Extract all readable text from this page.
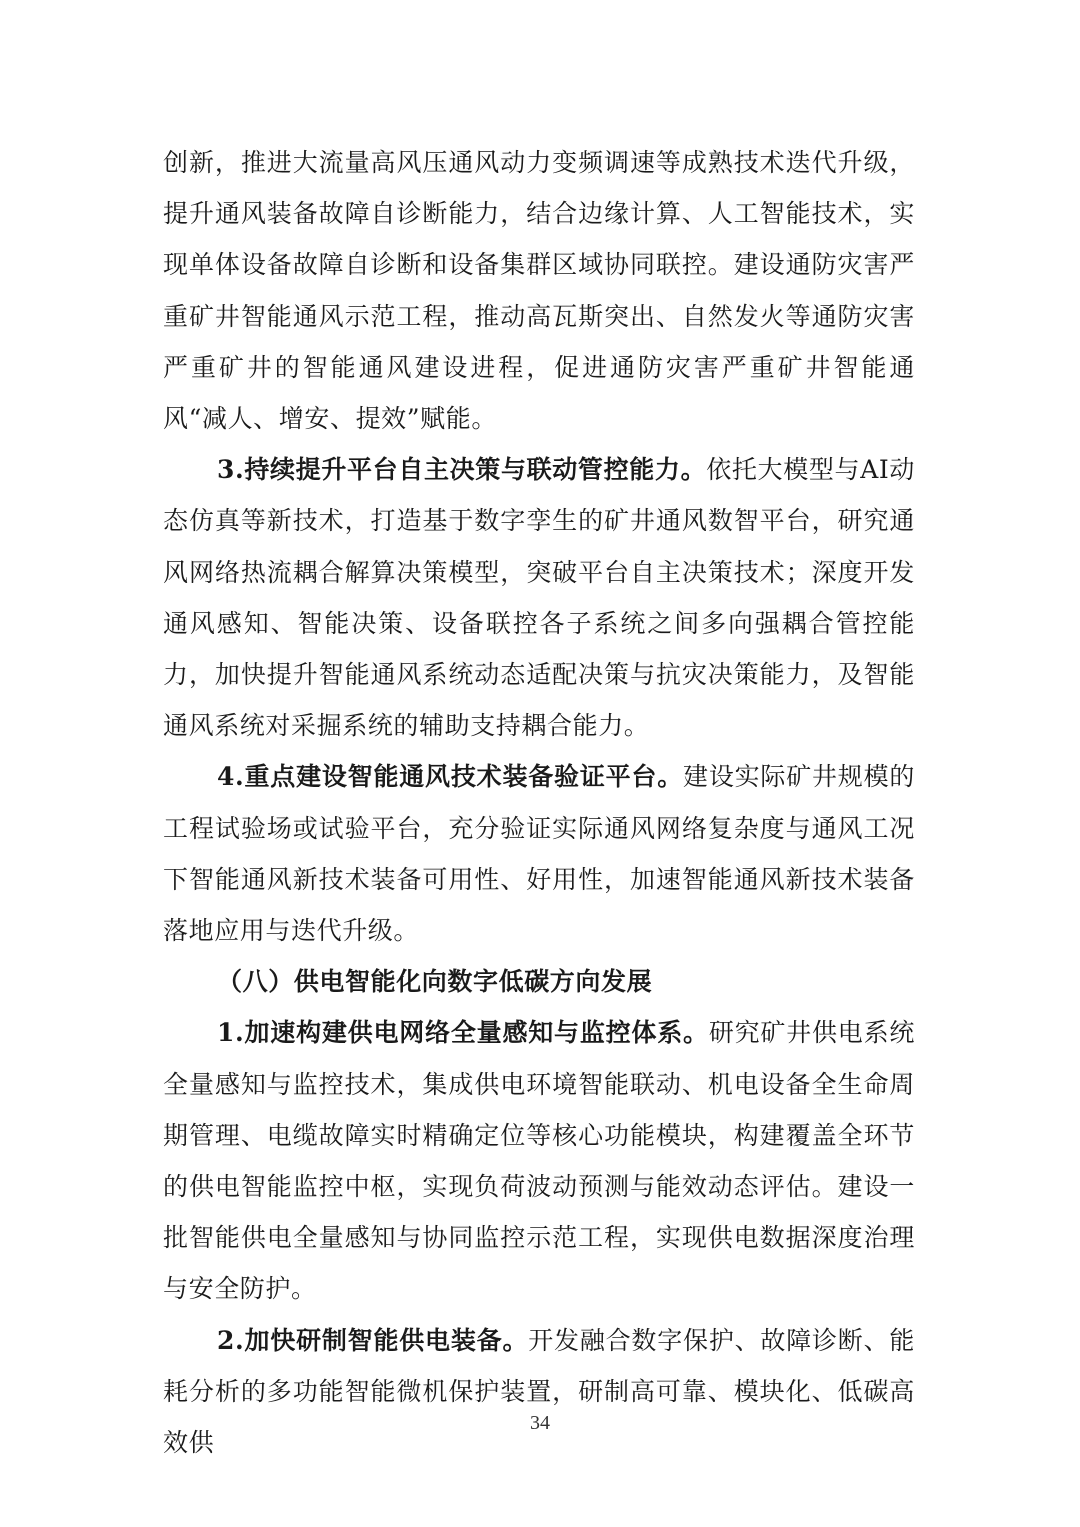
创新，推进大流量高风压通风动力变频调速等成熟技术迭代升级，提升通风装备故障自诊断能力，结合边缘计算、人工智能技术，实现单体设备故障自诊断和设备集群区域协同联控。建设通防灾害严重矿井智能通风示范工程，推动高瓦斯突出、自然发火等通防灾害严重矿井的智能通风建设进程，促进通防灾害严重矿井智能通风“减人、增安、提效”赋能。

3.持续提升平台自主决策与联动管控能力。依托大模型与AI动态仿真等新技术，打造基于数字孪生的矿井通风数智平台，研究通风网络热流耦合解算决策模型，突破平台自主决策技术；深度开发通风感知、智能决策、设备联控各子系统之间多向强耦合管控能力，加快提升智能通风系统动态适配决策与抗灾决策能力，及智能通风系统对采掘系统的辅助支持耦合能力。

4.重点建设智能通风技术装备验证平台。建设实际矿井规模的工程试验场或试验平台，充分验证实际通风网络复杂度与通风工况下智能通风新技术装备可用性、好用性，加速智能通风新技术装备落地应用与迭代升级。

（八）供电智能化向数字低碳方向发展

1.加速构建供电网络全量感知与监控体系。研究矿井供电系统全量感知与监控技术，集成供电环境智能联动、机电设备全生命周期管理、电缆故障实时精确定位等核心功能模块，构建覆盖全环节的供电智能监控中枢，实现负荷波动预测与能效动态评估。建设一批智能供电全量感知与协同监控示范工程，实现供电数据深度治理与安全防护。

2.加快研制智能供电装备。开发融合数字保护、故障诊断、能耗分析的多功能智能微机保护装置，研制高可靠、模块化、低碳高效供

34
